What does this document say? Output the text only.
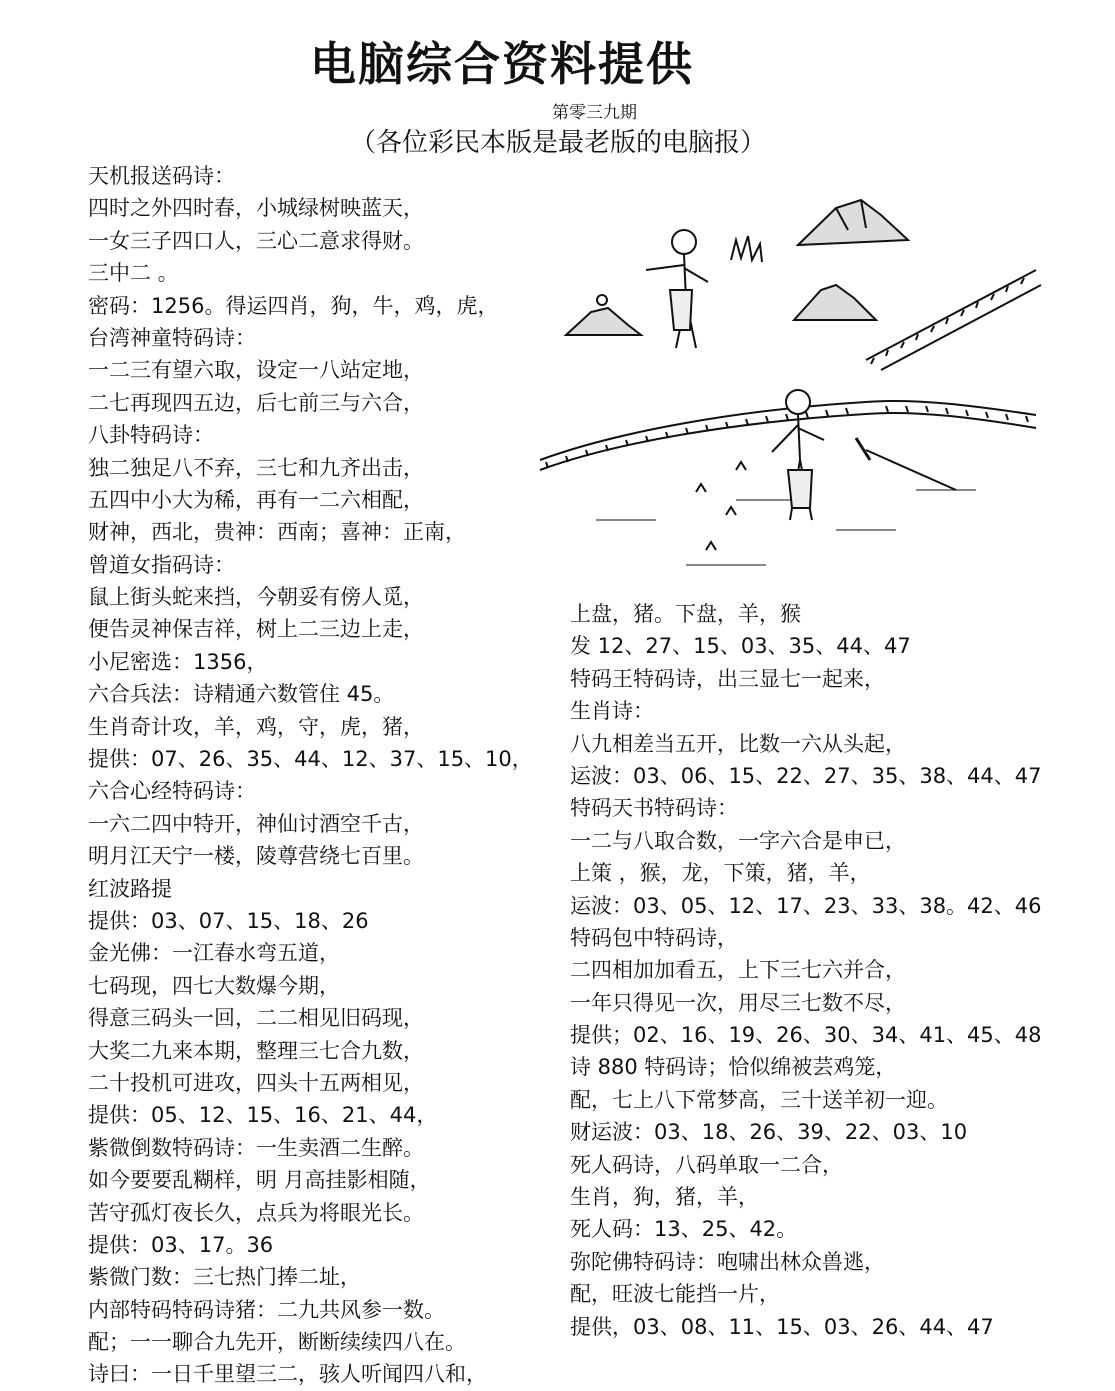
电脑综合资料提供
第零三九期
（各位彩民本版是最老版的电脑报）
天机报送码诗：
四时之外四时春，小城绿树映蓝天，
一女三子四口人，三心二意求得财。
三中二 。
密码：1256。得运四肖，狗，牛，鸡，虎，
台湾神童特码诗：
一二三有望六取，设定一八站定地，
二七再现四五边，后七前三与六合，
八卦特码诗：
独二独足八不弃，三七和九齐出击，
五四中小大为稀，再有一二六相配，
财神，西北，贵神：西南；喜神：正南，
曾道女指码诗：
鼠上街头蛇来挡，今朝妥有傍人觅，
便告灵神保吉祥，树上二三边上走，
小尼密选：1356，
六合兵法：诗精通六数管住 45。
生肖奇计攻，羊，鸡，守，虎，猪，
提供：07、26、35、44、12、37、15、10，
六合心经特码诗：
一六二四中特开，神仙讨酒空千古，
明月江天宁一楼，陵尊营绕七百里。
红波路提
提供：03、07、15、18、26
金光佛：一江春水弯五道，
七码现，四七大数爆今期，
得意三码头一回，二二相见旧码现，
大奖二九来本期，整理三七合九数，
二十投机可进攻，四头十五两相见，
提供：05、12、15、16、21、44，
紫微倒数特码诗：一生卖酒二生醉。
如今要要乱糊样，明 月高挂影相随，
苦守孤灯夜长久，点兵为将眼光长。
提供：03、17。36
紫微门数：三七热门捧二址，
内部特码特码诗猪：二九共风参一数。
配；一一聊合九先开，断断续续四八在。
诗曰：一日千里望三二，骇人听闻四八和，
上盘，猪。下盘，羊，猴
发 12、27、15、03、35、44、47
特码王特码诗，出三显七一起来，
生肖诗：
八九相差当五开，比数一六从头起，
运波：03、06、15、22、27、35、38、44、47
特码天书特码诗：
一二与八取合数，一字六合是申已，
上策 ，猴，龙，下策，猪，羊，
运波：03、05、12、17、23、33、38。42、46
特码包中特码诗，
二四相加加看五，上下三七六并合，
一年只得见一次，用尽三七数不尽，
提供；02、16、19、26、30、34、41、45、48
诗 880 特码诗；恰似绵被芸鸡笼，
配，七上八下常梦高，三十送羊初一迎。
财运波：03、18、26、39、22、03、10
死人码诗，八码单取一二合，
生肖，狗，猪，羊，
死人码：13、25、42。
弥陀佛特码诗：咆啸出林众兽逃，
配，旺波七能挡一片，
提供，03、08、11、15、03、26、44、47
